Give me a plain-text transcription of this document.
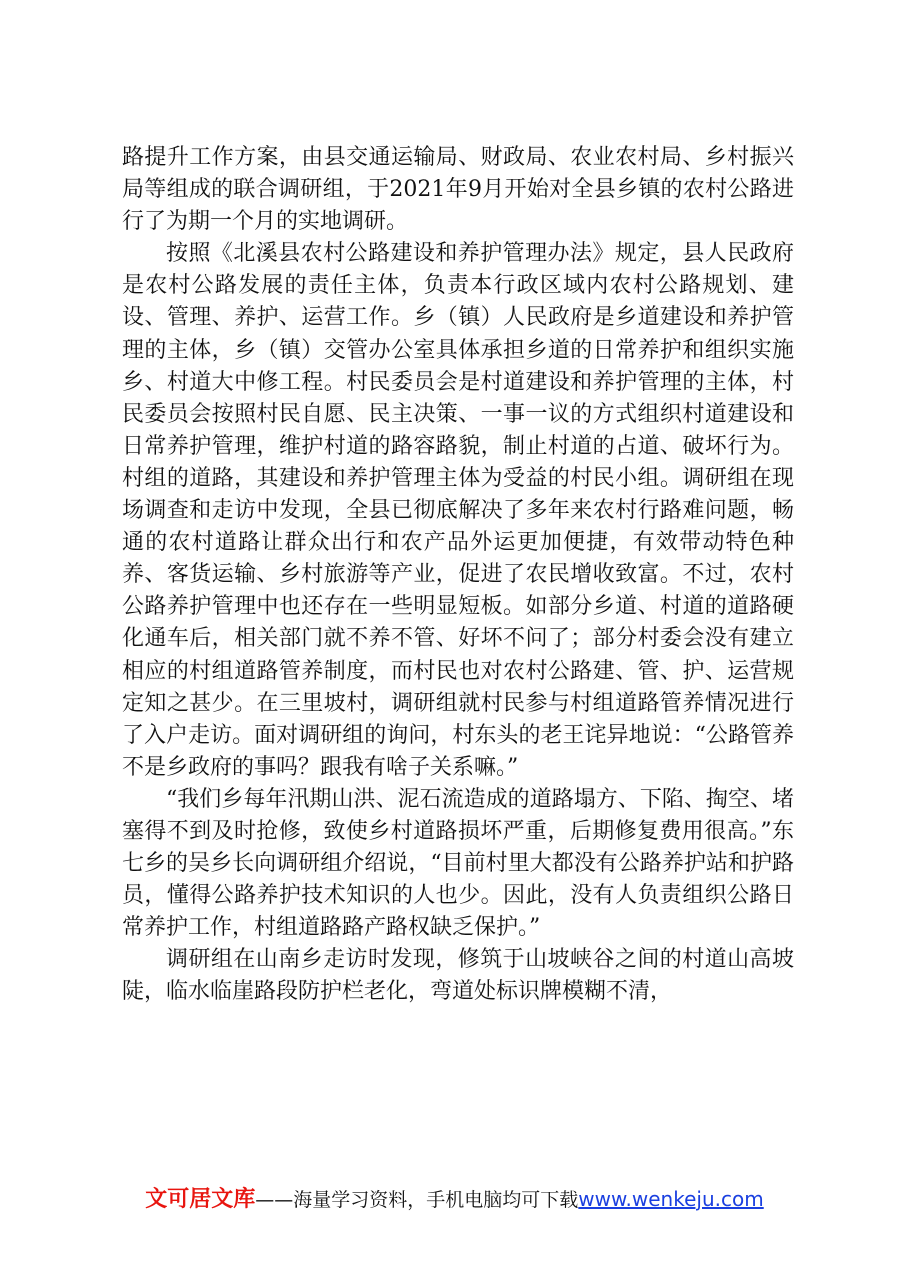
路提升工作方案，由县交通运输局、财政局、农业农村局、乡村振兴局等组成的联合调研组，于2021年9月开始对全县乡镇的农村公路进行了为期一个月的实地调研。

按照《北溪县农村公路建设和养护管理办法》规定，县人民政府是农村公路发展的责任主体，负责本行政区域内农村公路规划、建设、管理、养护、运营工作。乡（镇）人民政府是乡道建设和养护管理的主体，乡（镇）交管办公室具体承担乡道的日常养护和组织实施乡、村道大中修工程。村民委员会是村道建设和养护管理的主体，村民委员会按照村民自愿、民主决策、一事一议的方式组织村道建设和日常养护管理，维护村道的路容路貌，制止村道的占道、破坏行为。村组的道路，其建设和养护管理主体为受益的村民小组。调研组在现场调查和走访中发现，全县已彻底解决了多年来农村行路难问题，畅通的农村道路让群众出行和农产品外运更加便捷，有效带动特色种养、客货运输、乡村旅游等产业，促进了农民增收致富。不过，农村公路养护管理中也还存在一些明显短板。如部分乡道、村道的道路硬化通车后，相关部门就不养不管、好坏不问了；部分村委会没有建立相应的村组道路管养制度，而村民也对农村公路建、管、护、运营规定知之甚少。在三里坡村，调研组就村民参与村组道路管养情况进行了入户走访。面对调研组的询问，村东头的老王诧异地说：“公路管养不是乡政府的事吗？跟我有啥子关系嘛。”

“我们乡每年汛期山洪、泥石流造成的道路塌方、下陷、掏空、堵塞得不到及时抢修，致使乡村道路损坏严重，后期修复费用很高。”东七乡的吴乡长向调研组介绍说，“目前村里大都没有公路养护站和护路员，懂得公路养护技术知识的人也少。因此，没有人负责组织公路日常养护工作，村组道路路产路权缺乏保护。”

调研组在山南乡走访时发现，修筑于山坡峡谷之间的村道山高坡陡，临水临崖路段防护栏老化，弯道处标识牌模糊不清，

文可居文库——海量学习资料，手机电脑均可下载www.wenkeju.com
